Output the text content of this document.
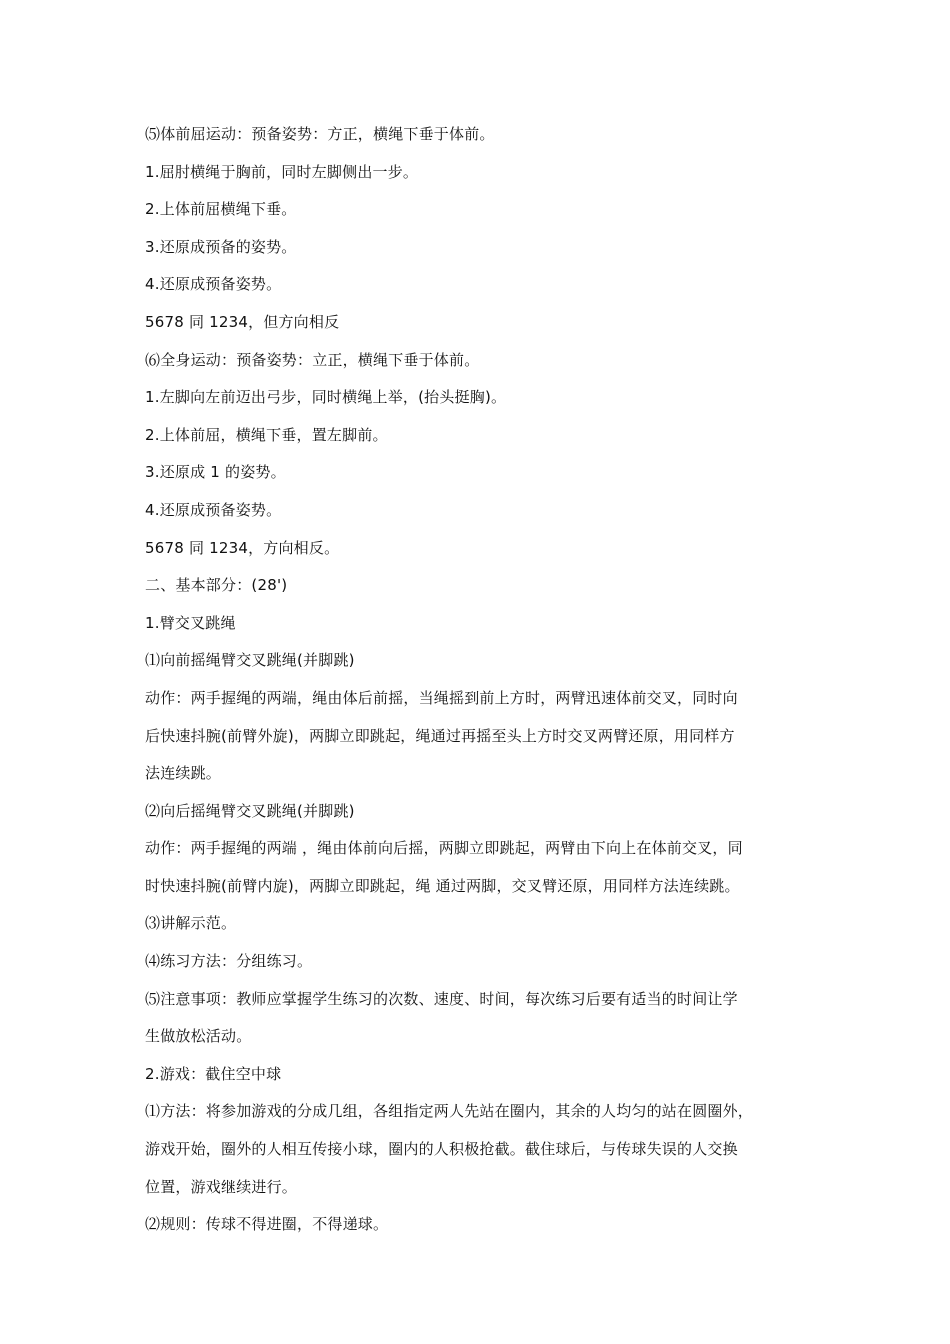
⑸体前屈运动：预备姿势：方正，横绳下垂于体前。

1.屈肘横绳于胸前，同时左脚侧出一步。

2.上体前屈横绳下垂。

3.还原成预备的姿势。

4.还原成预备姿势。

5678 同 1234，但方向相反

⑹全身运动：预备姿势：立正，横绳下垂于体前。

1.左脚向左前迈出弓步，同时横绳上举，(抬头挺胸)。

2.上体前屈，横绳下垂，置左脚前。

3.还原成 1 的姿势。

4.还原成预备姿势。

5678 同 1234，方向相反。

二、基本部分：(28')

1.臂交叉跳绳

⑴向前摇绳臂交叉跳绳(并脚跳)

动作：两手握绳的两端，绳由体后前摇，当绳摇到前上方时，两臂迅速体前交叉，同时向

后快速抖腕(前臂外旋)，两脚立即跳起，绳通过再摇至头上方时交叉两臂还原，用同样方

法连续跳。

⑵向后摇绳臂交叉跳绳(并脚跳)

动作：两手握绳的两端 ，绳由体前向后摇，两脚立即跳起，两臂由下向上在体前交叉，同

时快速抖腕(前臂内旋)，两脚立即跳起，绳 通过两脚，交叉臂还原，用同样方法连续跳。

⑶讲解示范。

⑷练习方法：分组练习。

⑸注意事项：教师应掌握学生练习的次数、速度、时间，每次练习后要有适当的时间让学

生做放松活动。

2.游戏：截住空中球

⑴方法：将参加游戏的分成几组，各组指定两人先站在圈内，其余的人均匀的站在圆圈外，

游戏开始，圈外的人相互传接小球，圈内的人积极抢截。截住球后，与传球失误的人交换

位置，游戏继续进行。

⑵规则：传球不得进圈，不得递球。
